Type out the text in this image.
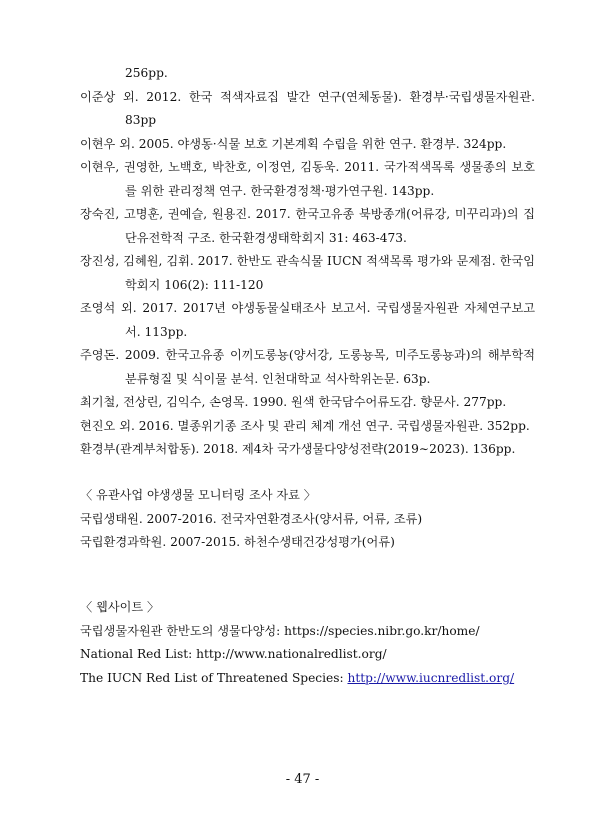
256pp.
이준상 외. 2012. 한국 적색자료집 발간 연구(연체동물). 환경부·국립생물자원관. 83pp
이현우 외. 2005. 야생동·식물 보호 기본계획 수립을 위한 연구. 환경부. 324pp.
이현우, 권영한, 노백호, 박찬호, 이정연, 김동욱. 2011. 국가적색목록 생물종의 보호를 위한 관리정책 연구. 한국환경정책·평가연구원. 143pp.
장숙진, 고명훈, 권예슬, 원용진. 2017. 한국고유종 북방종개(어류강, 미꾸리과)의 집단유전학적 구조. 한국환경생태학회지 31: 463-473.
장진성, 김혜원, 김휘. 2017. 한반도 관속식물 IUCN 적색목록 평가와 문제점. 한국임학회지 106(2): 111-120
조영석 외. 2017. 2017년 야생동물실태조사 보고서. 국립생물자원관 자체연구보고서. 113pp.
주영돈. 2009. 한국고유종 이끼도롱뇽(양서강, 도롱뇽목, 미주도롱뇽과)의 해부학적 분류형질 및 식이물 분석. 인천대학교 석사학위논문. 63p.
최기철, 전상린, 김익수, 손영목. 1990. 원색 한국담수어류도감. 향문사. 277pp.
현진오 외. 2016. 멸종위기종 조사 및 관리 체계 개선 연구. 국립생물자원관. 352pp.
환경부(관계부처합동). 2018. 제4차 국가생물다양성전략(2019∼2023). 136pp.
〈 유관사업 야생생물 모니터링 조사 자료 〉
국립생태원. 2007-2016. 전국자연환경조사(양서류, 어류, 조류)
국립환경과학원. 2007-2015. 하천수생태건강성평가(어류)
〈 웹사이트 〉
국립생물자원관 한반도의 생물다양성: https://species.nibr.go.kr/home/
National Red List: http://www.nationalredlist.org/
The IUCN Red List of Threatened Species: http://www.iucnredlist.org/
- 47 -
